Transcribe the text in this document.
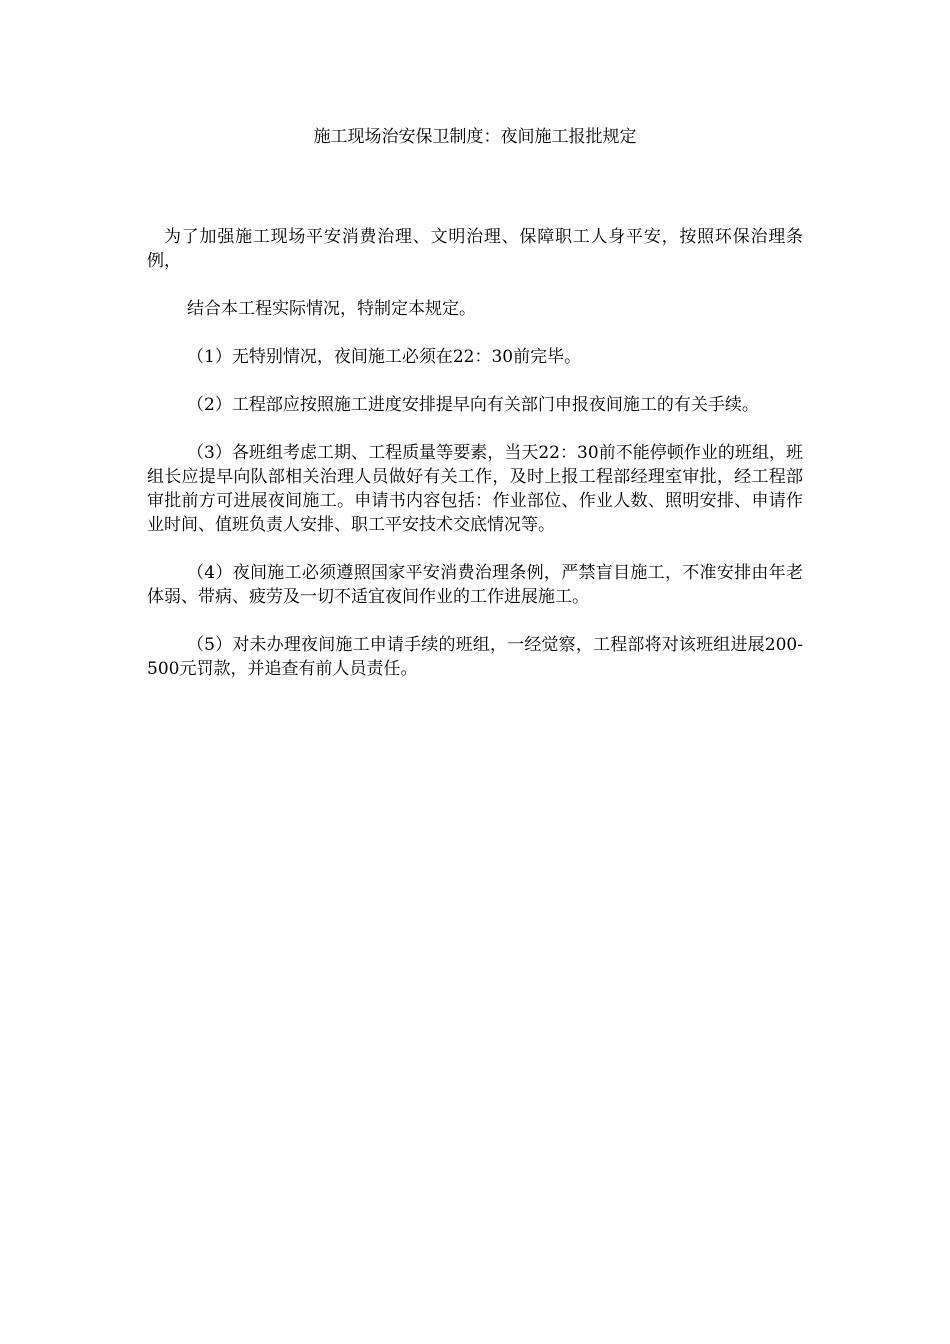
施工现场治安保卫制度：夜间施工报批规定

为了加强施工现场平安消费治理、文明治理、保障职工人身平安，按照环保治理条例，

结合本工程实际情况，特制定本规定。

（1）无特别情况，夜间施工必须在22：30前完毕。

（2）工程部应按照施工进度安排提早向有关部门申报夜间施工的有关手续。

（3）各班组考虑工期、工程质量等要素，当天22：30前不能停顿作业的班组，班组长应提早向队部相关治理人员做好有关工作，及时上报工程部经理室审批，经工程部审批前方可进展夜间施工。申请书内容包括：作业部位、作业人数、照明安排、申请作业时间、值班负责人安排、职工平安技术交底情况等。

（4）夜间施工必须遵照国家平安消费治理条例，严禁盲目施工，不准安排由年老体弱、带病、疲劳及一切不适宜夜间作业的工作进展施工。

（5）对未办理夜间施工申请手续的班组，一经觉察，工程部将对该班组进展200-500元罚款，并追查有前人员责任。
